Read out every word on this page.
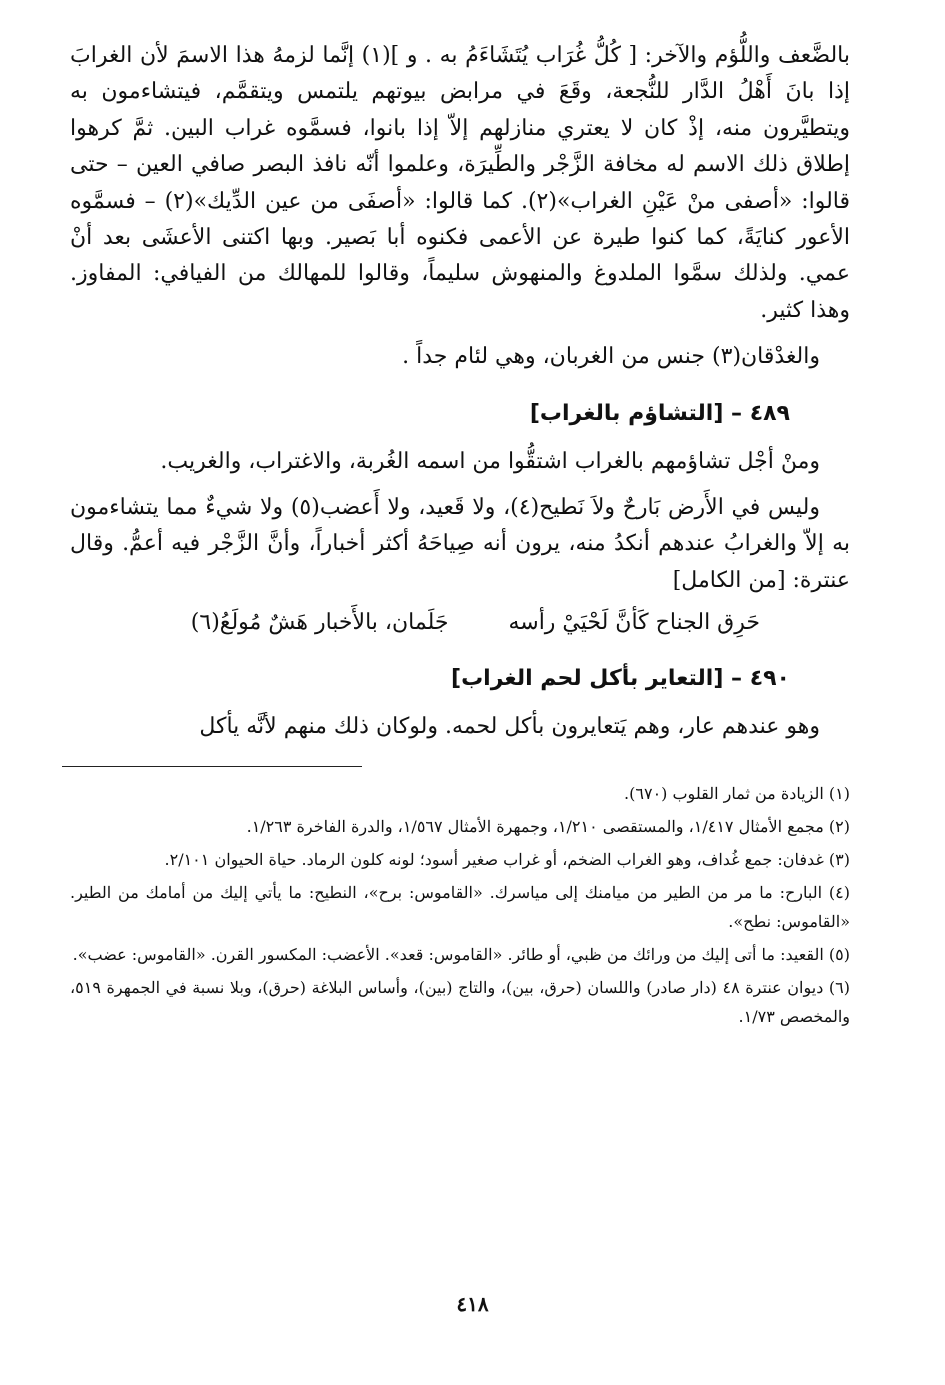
بالضَّعف واللُّؤم والآخر: [ كُلُّ غُرَاب يُتَشَاءَمُ به . و ](١) إنَّما لزمهُ هذا الاسمَ لأن الغرابَ إذا بانَ أَهْلُ الدَّار للنُّجعة، وقَعَ في مرابض بيوتهم يلتمس ويتقمَّم، فيتشاءمون به ويتطيَّرون منه، إذْ كان لا يعتري منازلهم إلاّ إذا بانوا، فسمَّوه غراب البين. ثمَّ كرهوا إطلاق ذلك الاسم له مخافة الزَّجْر والطِّيرَة، وعلموا أنّه نافذ البصر صافي العين – حتى قالوا: «أصفى منْ عَيْنِ الغراب»(٢). كما قالوا: «أصفَى من عين الدِّيك»(٢) – فسمَّوه الأعور كنايَةً، كما كنوا طيرة عن الأعمى فكنوه أبا بَصير. وبها اكتنى الأعشَى بعد أنْ عمي. ولذلك سمَّوا الملدوغ والمنهوش سليماً، وقالوا للمهالك من الفيافي: المفاوز. وهذا كثير.

والغدْقان(٣) جنس من الغربان، وهي لئام جداً .

٤٨٩ – [التشاؤم بالغراب]

ومنْ أجْل تشاؤمهم بالغراب اشتقُّوا من اسمه الغُربة، والاغتراب، والغريب.

وليس في الأَرض بَارحٌ ولاَ نَطيح(٤)، ولا قَعيد، ولا أَعضب(٥) ولا شيءٌ مما يتشاءمون به إلاّ والغرابُ عندهم أنكدُ منه، يرون أنه صِياحَهُ أكثر أخباراً، وأنَّ الزَّجْر فيه أعمُّ. وقال عنترة: [من الكامل]

حَرِق الجناح كَأنَّ لَحْيَيْ رأسه
جَلَمان، بالأَخبار هَشٌ مُولَعُ(٦)
٤٩٠ – [التعاير بأكل لحم الغراب]

وهو عندهم عار، وهم يَتعايرون بأكل لحمه. ولوكان ذلك منهم لأنَّه يأكل

(١) الزيادة من ثمار القلوب (٦٧٠).

(٢) مجمع الأمثال ١/٤١٧، والمستقصى ١/٢١٠، وجمهرة الأمثال ١/٥٦٧، والدرة الفاخرة ١/٢٦٣.

(٣) غدفان: جمع غُداف، وهو الغراب الضخم، أو غراب صغير أسود؛ لونه كلون الرماد. حياة الحيوان ٢/١٠١.

(٤) البارح: ما مر من الطير من ميامنك إلى مياسرك. «القاموس: برح»، النطيح: ما يأتي إليك من أمامك من الطير. «القاموس: نطح».

(٥) القعيد: ما أتى إليك من ورائك من ظبي، أو طائر. «القاموس: قعد». الأعضب: المكسور القرن. «القاموس: عضب».

(٦) ديوان عنترة ٤٨ (دار صادر) واللسان (حرق، بين)، والتاج (بين)، وأساس البلاغة (حرق)، وبلا نسبة في الجمهرة ٥١٩، والمخصص ١/٧٣.

٤١٨
